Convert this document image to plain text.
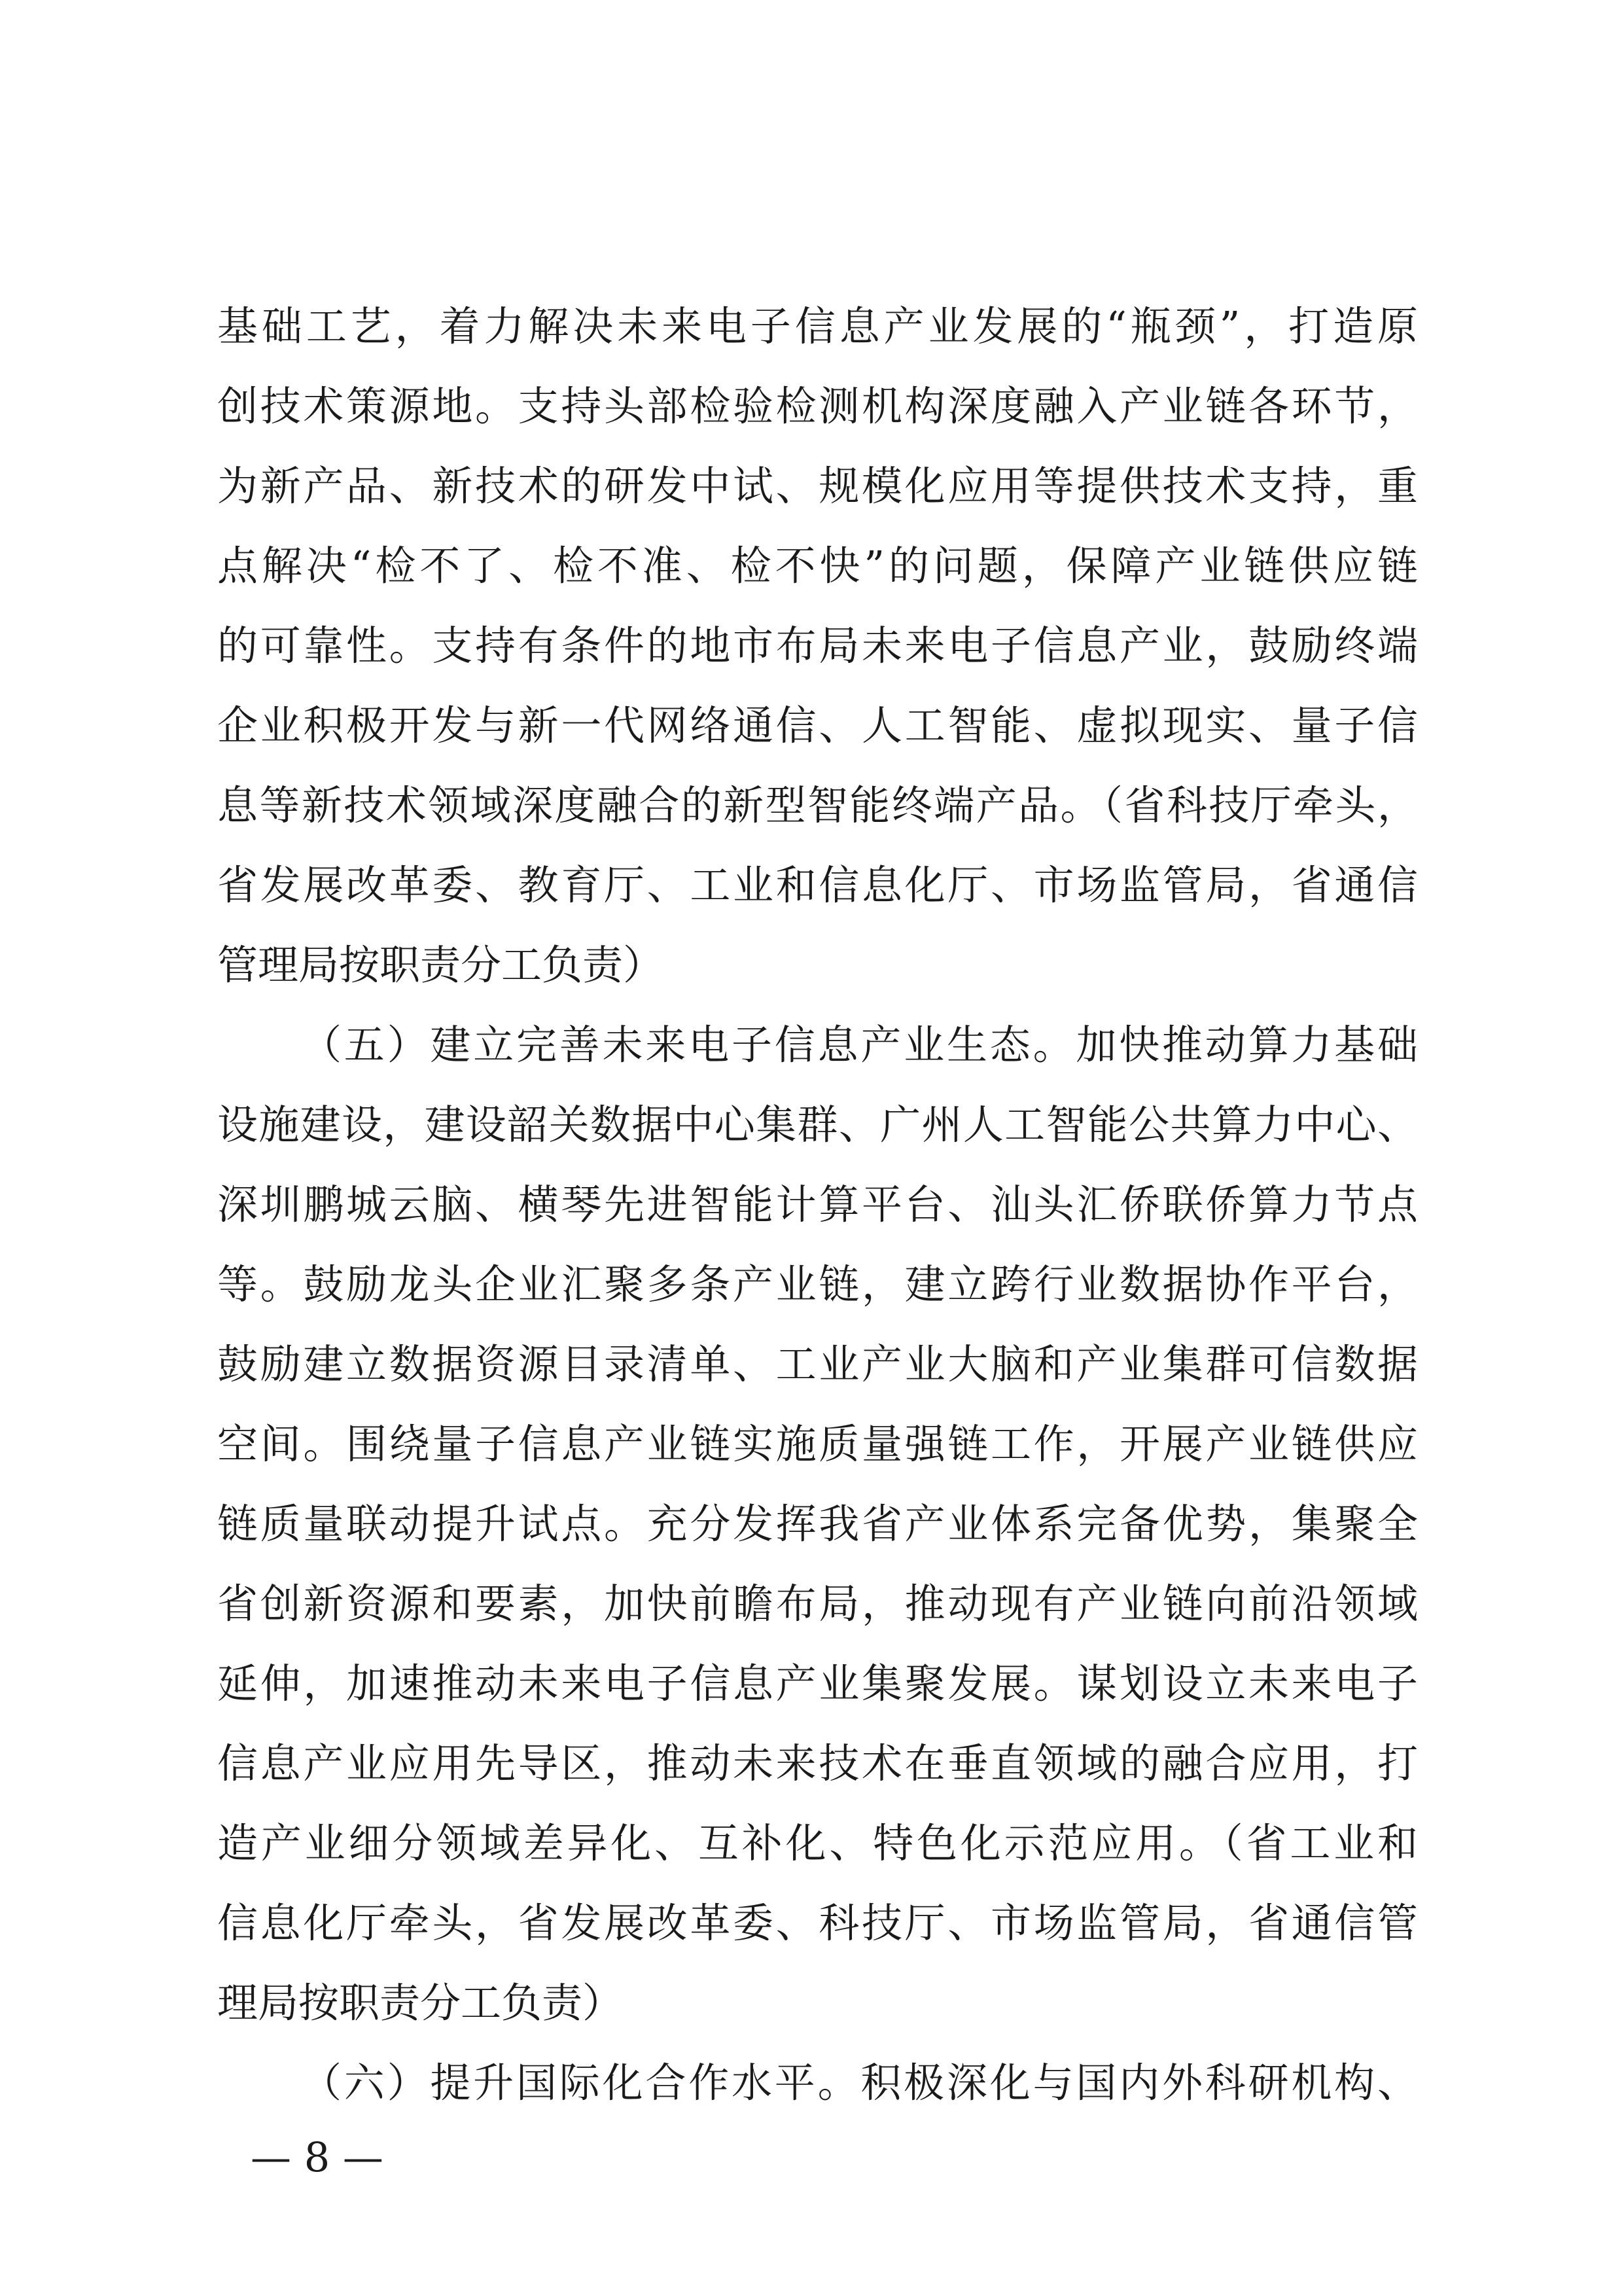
基础工艺，着力解决未来电子信息产业发展的“瓶颈”，打造原
创技术策源地。支持头部检验检测机构深度融入产业链各环节，
为新产品、新技术的研发中试、规模化应用等提供技术支持，重
点解决“检不了、检不准、检不快”的问题，保障产业链供应链
的可靠性。支持有条件的地市布局未来电子信息产业，鼓励终端
企业积极开发与新一代网络通信、人工智能、虚拟现实、量子信
息等新技术领域深度融合的新型智能终端产品。（省科技厅牵头，
省发展改革委、教育厅、工业和信息化厅、市场监管局，省通信
管理局按职责分工负责）
（五）建立完善未来电子信息产业生态。加快推动算力基础
设施建设，建设韶关数据中心集群、广州人工智能公共算力中心、
深圳鹏城云脑、横琴先进智能计算平台、汕头汇侨联侨算力节点
等。鼓励龙头企业汇聚多条产业链，建立跨行业数据协作平台，
鼓励建立数据资源目录清单、工业产业大脑和产业集群可信数据
空间。围绕量子信息产业链实施质量强链工作，开展产业链供应
链质量联动提升试点。充分发挥我省产业体系完备优势，集聚全
省创新资源和要素，加快前瞻布局，推动现有产业链向前沿领域
延伸，加速推动未来电子信息产业集聚发展。谋划设立未来电子
信息产业应用先导区，推动未来技术在垂直领域的融合应用，打
造产业细分领域差异化、互补化、特色化示范应用。（省工业和
信息化厅牵头，省发展改革委、科技厅、市场监管局，省通信管
理局按职责分工负责）
（六）提升国际化合作水平。积极深化与国内外科研机构、
— 8 —
